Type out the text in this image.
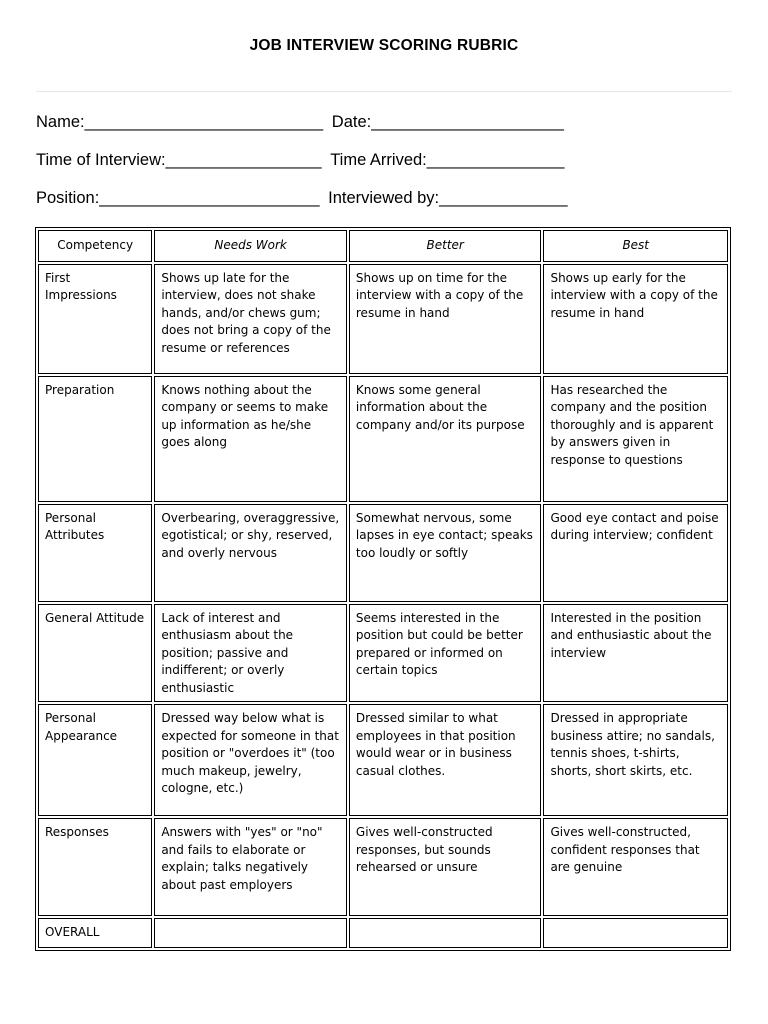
JOB INTERVIEW SCORING RUBRIC
Name:__________________________ Date:_____________________
Time of Interview:_________________ Time Arrived:_______________
Position:________________________ Interviewed by:______________
Competency	Needs Work	Better	Best
First Impressions	Shows up late for the interview, does not shake hands, and/or chews gum; does not bring a copy of the resume or references	Shows up on time for the interview with a copy of the resume in hand	Shows up early for the interview with a copy of the resume in hand
Preparation	Knows nothing about the company or seems to make up information as he/she goes along	Knows some general information about the company and/or its purpose	Has researched the company and the position thoroughly and is apparent by answers given in response to questions
Personal Attributes	Overbearing, overaggressive, egotistical; or shy, reserved, and overly nervous	Somewhat nervous, some lapses in eye contact; speaks too loudly or softly	Good eye contact and poise during interview; confident
General Attitude	Lack of interest and enthusiasm about the position; passive and indifferent; or overly enthusiastic	Seems interested in the position but could be better prepared or informed on certain topics	Interested in the position and enthusiastic about the interview
Personal Appearance	Dressed way below what is expected for someone in that position or "overdoes it" (too much makeup, jewelry, cologne, etc.)	Dressed similar to what employees in that position would wear or in business casual clothes.	Dressed in appropriate business attire; no sandals, tennis shoes, t-shirts, shorts, short skirts, etc.
Responses	Answers with "yes" or "no" and fails to elaborate or explain; talks negatively about past employers	Gives well-constructed responses, but sounds rehearsed or unsure	Gives well-constructed, confident responses that are genuine
OVERALL			
